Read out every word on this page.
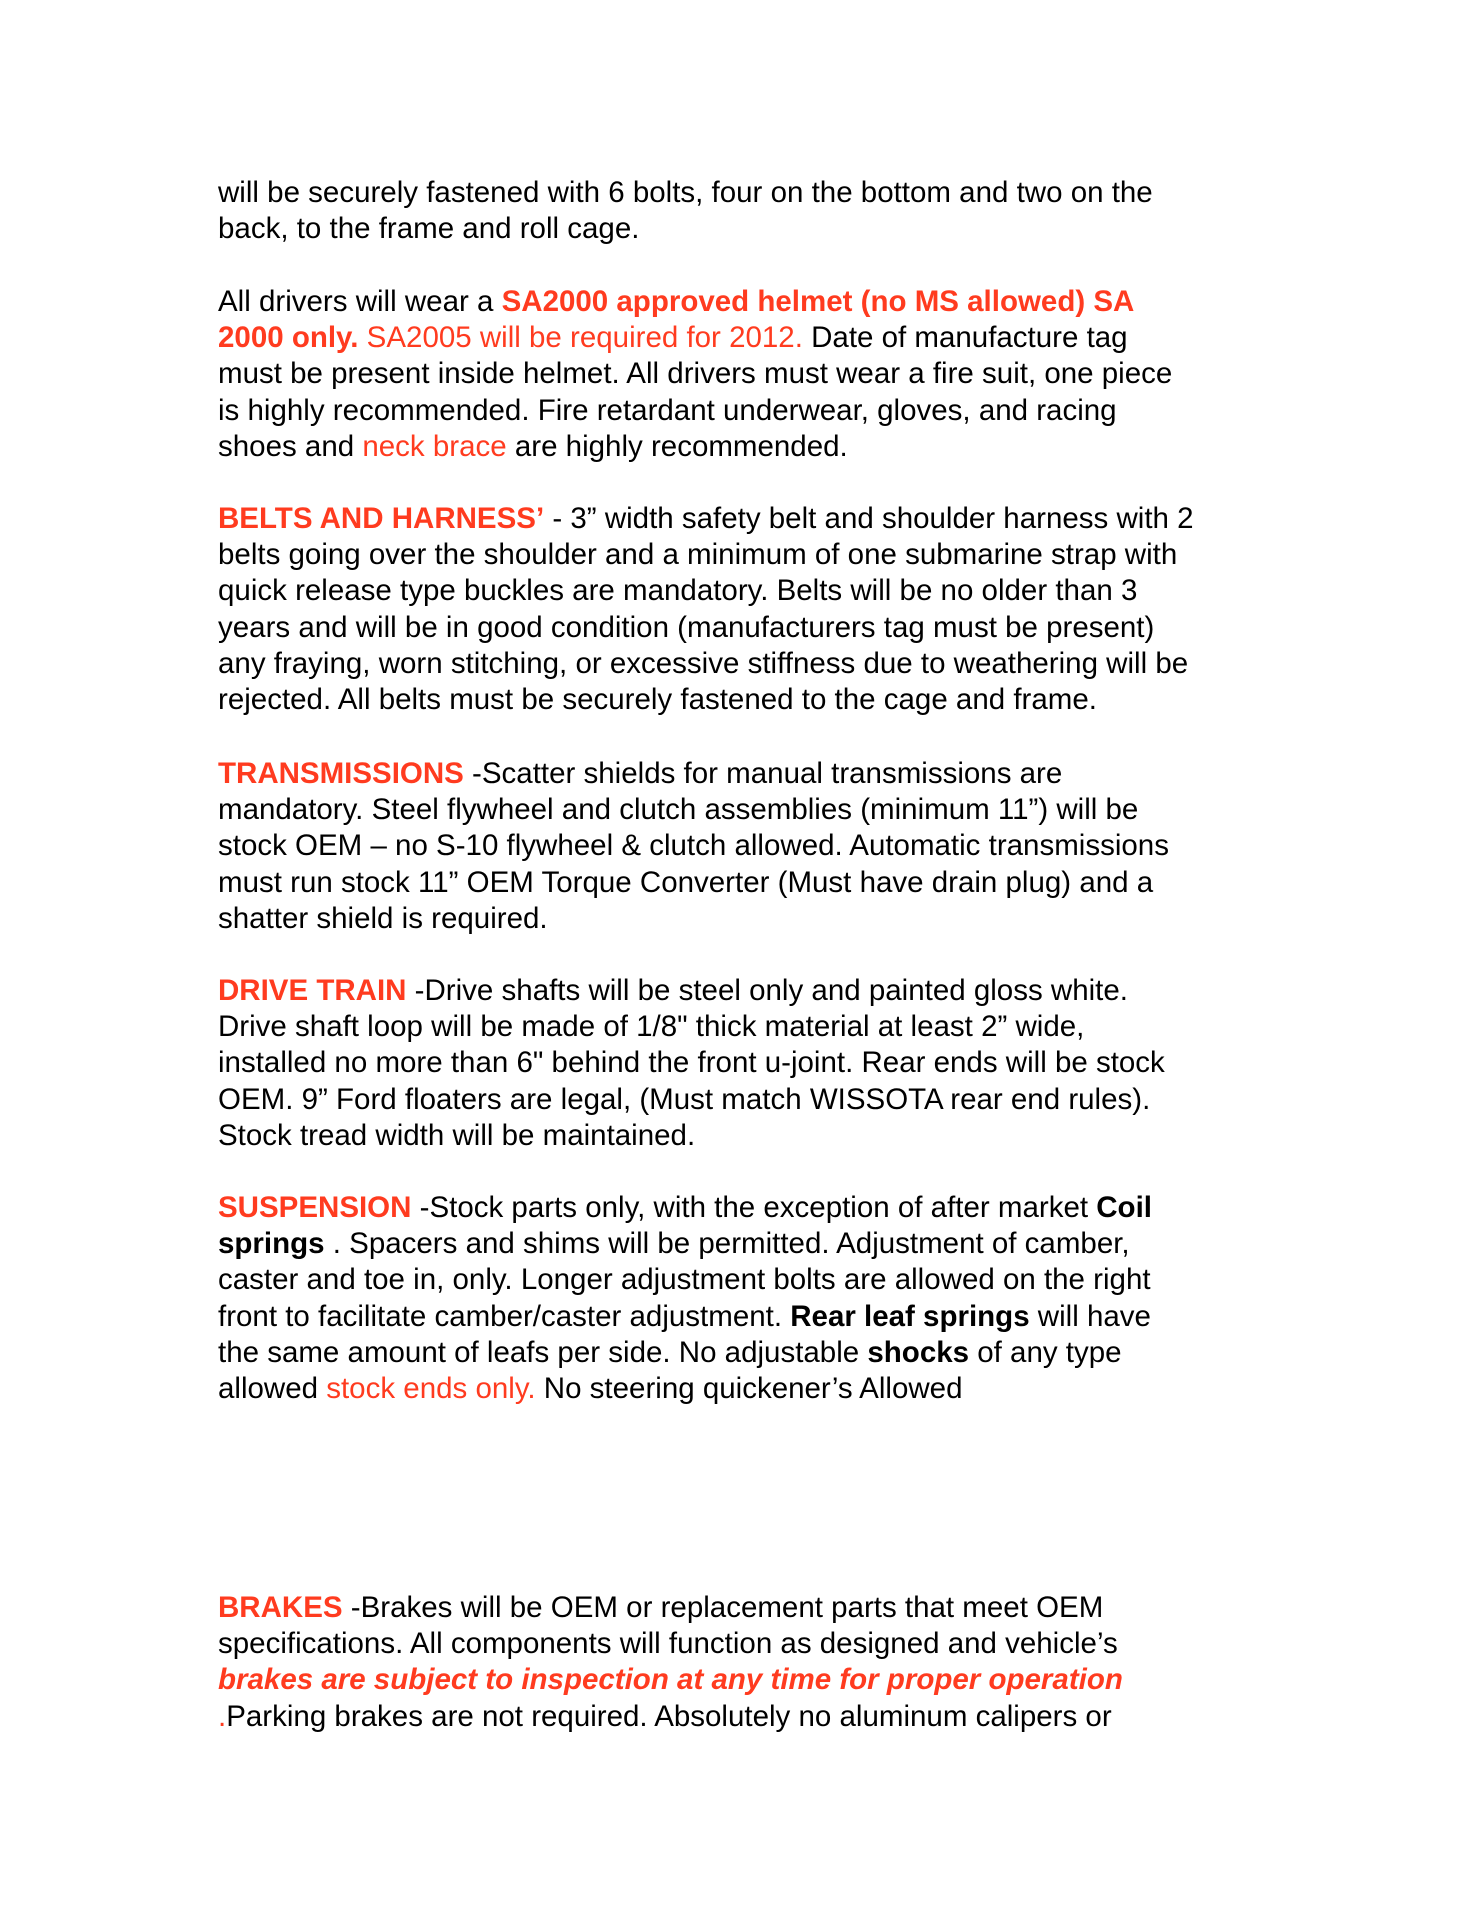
will be securely fastened with 6 bolts, four on the bottom and two on the
back, to the frame and roll cage.

All drivers will wear a SA2000 approved helmet (no MS allowed) SA
2000 only. SA2005 will be required for 2012. Date of manufacture tag
must be present inside helmet. All drivers must wear a fire suit, one piece
is highly recommended. Fire retardant underwear, gloves, and racing
shoes and neck brace are highly recommended.

BELTS AND HARNESS’ - 3” width safety belt and shoulder harness with 2
belts going over the shoulder and a minimum of one submarine strap with
quick release type buckles are mandatory. Belts will be no older than 3
years and will be in good condition (manufacturers tag must be present)
any fraying, worn stitching, or excessive stiffness due to weathering will be
rejected. All belts must be securely fastened to the cage and frame.

TRANSMISSIONS -Scatter shields for manual transmissions are
mandatory. Steel flywheel and clutch assemblies (minimum 11”) will be
stock OEM – no S-10 flywheel & clutch allowed. Automatic transmissions
must run stock 11” OEM Torque Converter (Must have drain plug) and a
shatter shield is required.

DRIVE TRAIN -Drive shafts will be steel only and painted gloss white.
Drive shaft loop will be made of 1/8" thick material at least 2” wide,
installed no more than 6" behind the front u-joint. Rear ends will be stock
OEM. 9” Ford floaters are legal, (Must match WISSOTA rear end rules).
Stock tread width will be maintained.

SUSPENSION -Stock parts only, with the exception of after market Coil
springs . Spacers and shims will be permitted. Adjustment of camber,
caster and toe in, only. Longer adjustment bolts are allowed on the right
front to facilitate camber/caster adjustment. Rear leaf springs will have
the same amount of leafs per side. No adjustable shocks of any type
allowed stock ends only. No steering quickener’s Allowed

BRAKES -Brakes will be OEM or replacement parts that meet OEM
specifications. All components will function as designed and vehicle’s
brakes are subject to inspection at any time for proper operation
.Parking brakes are not required. Absolutely no aluminum calipers or
